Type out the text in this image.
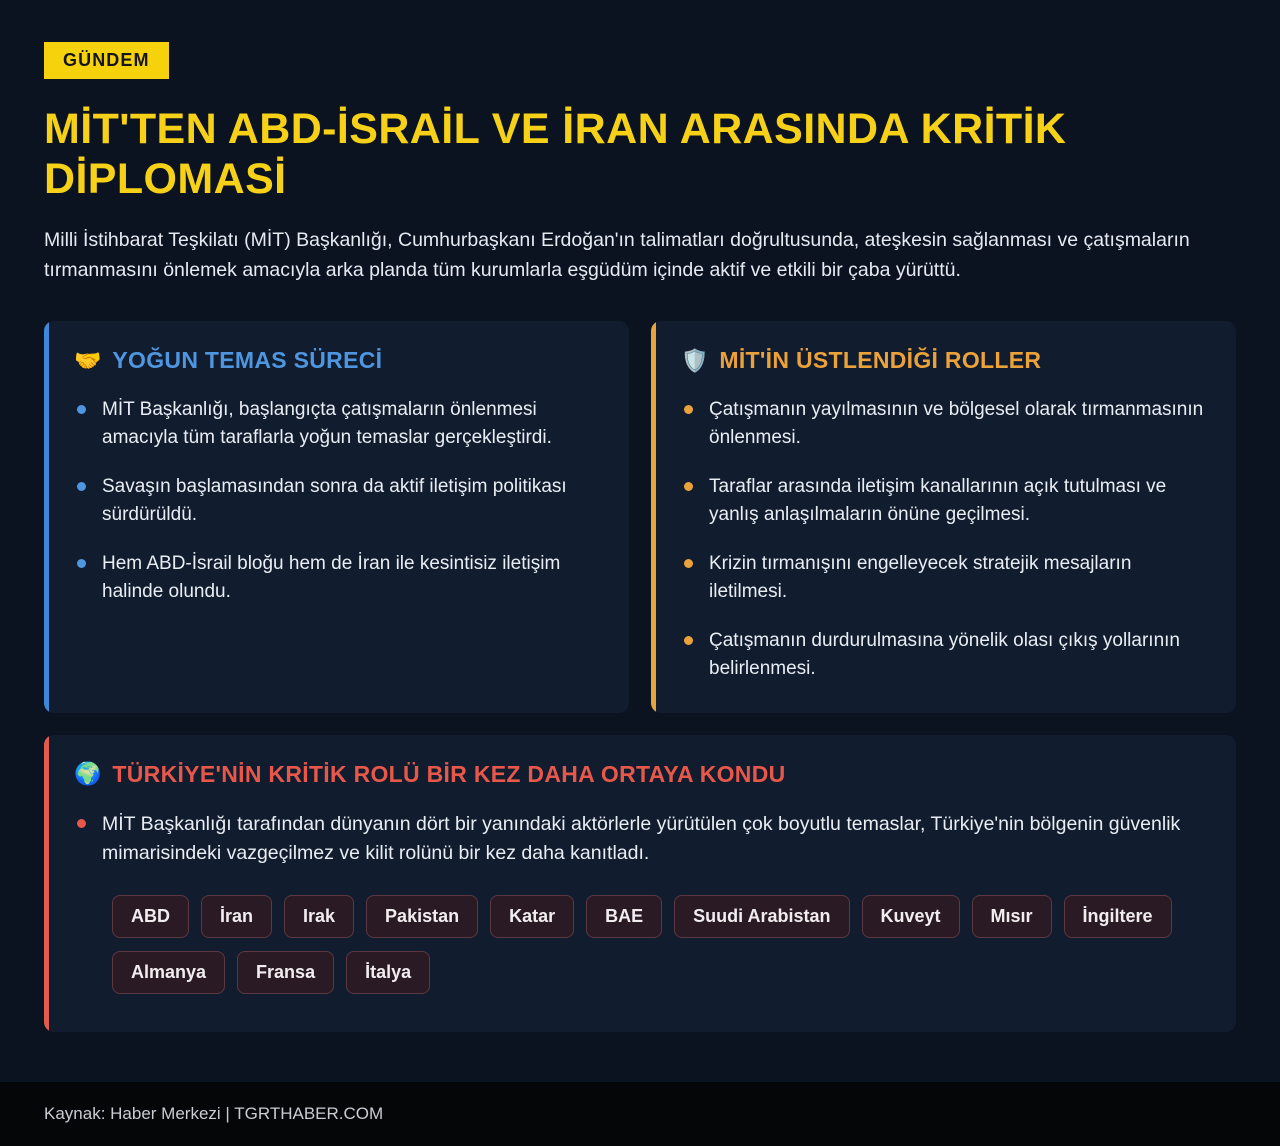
GÜNDEM
MİT'TEN ABD-İSRAİL VE İRAN ARASINDA KRİTİK DİPLOMASİ

Milli İstihbarat Teşkilatı (MİT) Başkanlığı, Cumhurbaşkanı Erdoğan'ın talimatları doğrultusunda, ateşkesin sağlanması ve çatışmaların tırmanmasını önlemek amacıyla arka planda tüm kurumlarla eşgüdüm içinde aktif ve etkili bir çaba yürüttü.

🤝 YOĞUN TEMAS SÜRECİ
MİT Başkanlığı, başlangıçta çatışmaların önlenmesi amacıyla tüm taraflarla yoğun temaslar gerçekleştirdi.
Savaşın başlamasından sonra da aktif iletişim politikası sürdürüldü.
Hem ABD-İsrail bloğu hem de İran ile kesintisiz iletişim halinde olundu.
🛡️ MİT'İN ÜSTLENDİĞİ ROLLER
Çatışmanın yayılmasının ve bölgesel olarak tırmanmasının önlenmesi.
Taraflar arasında iletişim kanallarının açık tutulması ve yanlış anlaşılmaların önüne geçilmesi.
Krizin tırmanışını engelleyecek stratejik mesajların iletilmesi.
Çatışmanın durdurulmasına yönelik olası çıkış yollarının belirlenmesi.
🌍 TÜRKİYE'NİN KRİTİK ROLÜ BİR KEZ DAHA ORTAYA KONDU
MİT Başkanlığı tarafından dünyanın dört bir yanındaki aktörlerle yürütülen çok boyutlu temaslar, Türkiye'nin bölgenin güvenlik mimarisindeki vazgeçilmez ve kilit rolünü bir kez daha kanıtladı.
ABD	İran	Irak	Pakistan	Katar	BAE	Suudi Arabistan	Kuveyt	Mısır	İngiltere
Almanya	Fransa	İtalya
Kaynak: Haber Merkezi | TGRTHABER.COM
